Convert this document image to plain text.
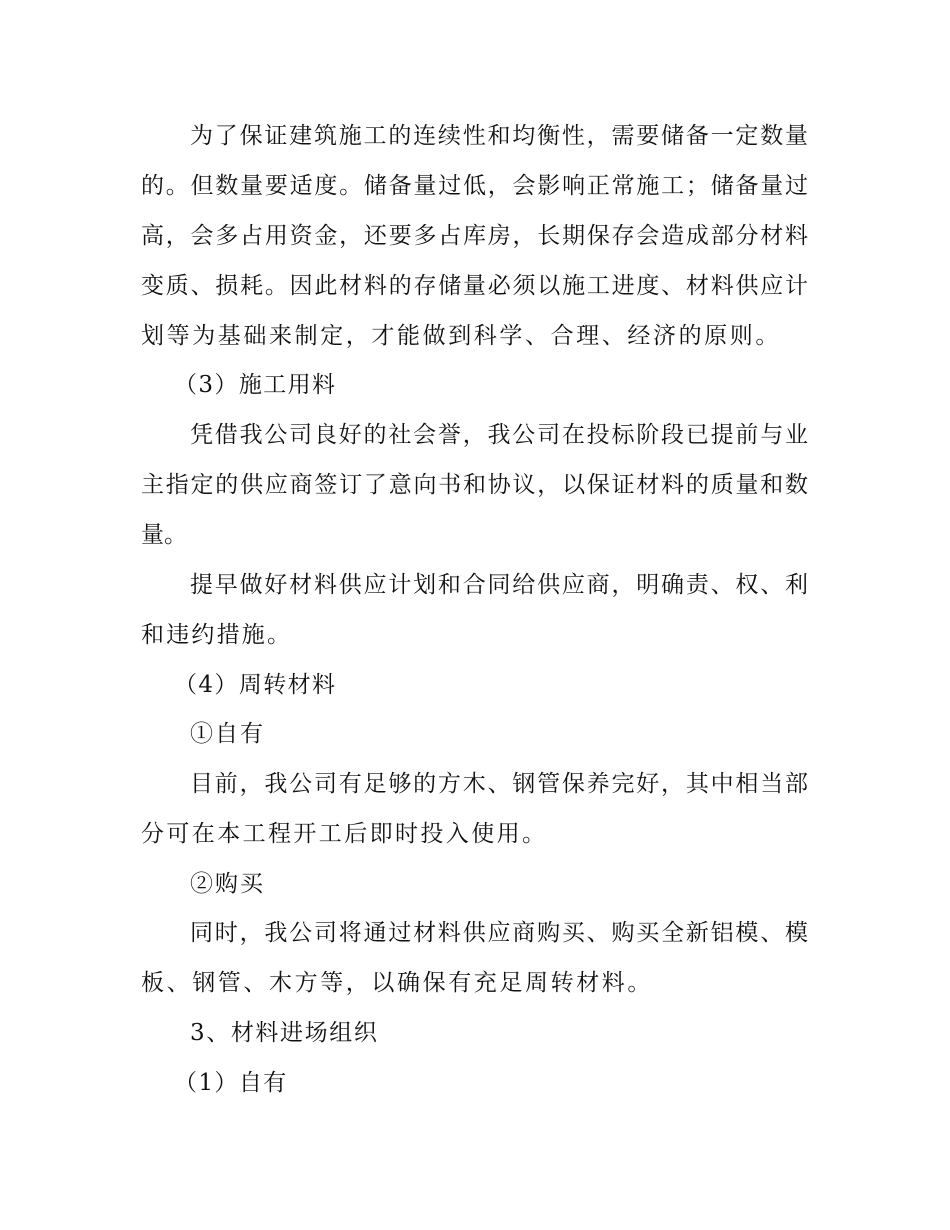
为了保证建筑施工的连续性和均衡性，需要储备一定数量
的。但数量要适度。储备量过低，会影响正常施工；储备量过
高，会多占用资金，还要多占库房，长期保存会造成部分材料
变质、损耗。因此材料的存储量必须以施工进度、材料供应计
划等为基础来制定，才能做到科学、合理、经济的原则。
（3）施工用料
凭借我公司良好的社会誉，我公司在投标阶段已提前与业
主指定的供应商签订了意向书和协议，以保证材料的质量和数
量。
提早做好材料供应计划和合同给供应商，明确责、权、利
和违约措施。
（4）周转材料
①自有
目前，我公司有足够的方木、钢管保养完好，其中相当部
分可在本工程开工后即时投入使用。
②购买
同时，我公司将通过材料供应商购买、购买全新铝模、模
板、钢管、木方等，以确保有充足周转材料。
3、材料进场组织
（1）自有
